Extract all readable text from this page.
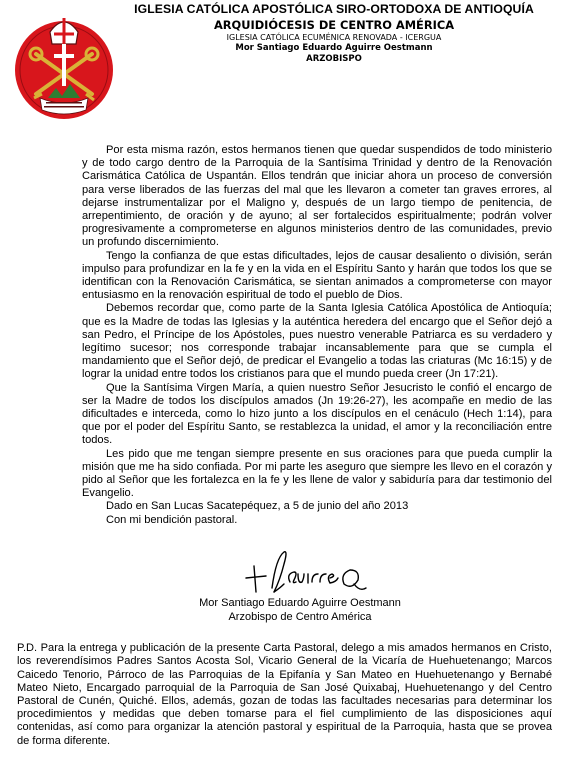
IGLESIA CATÓLICA APOSTÓLICA SIRO-ORTODOXA DE ANTIOQUÍA
ARQUIDIÓCESIS DE CENTRO AMÉRICA
IGLESIA CATÓLICA ECUMÉNICA RENOVADA - ICERGUA
Mor Santiago Eduardo Aguirre Oestmann
ARZOBISPO

Por esta misma razón, estos hermanos tienen que quedar suspendidos de todo ministerio y de todo cargo dentro de la Parroquia de la Santísima Trinidad y dentro de la Renovación Carismática Católica de Uspantán. Ellos tendrán que iniciar ahora un proceso de conversión para verse liberados de las fuerzas del mal que les llevaron a cometer tan graves errores, al dejarse instrumentalizar por el Maligno y, después de un largo tiempo de penitencia, de arrepentimiento, de oración y de ayuno; al ser fortalecidos espiritualmente; podrán volver progresivamente a comprometerse en algunos ministerios dentro de las comunidades, previo un profundo discernimiento.

Tengo la confianza de que estas dificultades, lejos de causar desaliento o división, serán impulso para profundizar en la fe y en la vida en el Espíritu Santo y harán que todos los que se identifican con la Renovación Carismática, se sientan animados a comprometerse con mayor entusiasmo en la renovación espiritual de todo el pueblo de Dios.

Debemos recordar que, como parte de la Santa Iglesia Católica Apostólica de Antioquía; que es la Madre de todas las Iglesias y la auténtica heredera del encargo que el Señor dejó a san Pedro, el Príncipe de los Apóstoles, pues nuestro venerable Patriarca es su verdadero y legítimo sucesor; nos corresponde trabajar incansablemente para que se cumpla el mandamiento que el Señor dejó, de predicar el Evangelio a todas las criaturas (Mc 16:15) y de lograr la unidad entre todos los cristianos para que el mundo pueda creer (Jn 17:21).

Que la Santísima Virgen María, a quien nuestro Señor Jesucristo le confió el encargo de ser la Madre de todos los discípulos amados (Jn 19:26-27), les acompañe en medio de las dificultades e interceda, como lo hizo junto a los discípulos en el cenáculo (Hech 1:14), para que por el poder del Espíritu Santo, se restablezca la unidad, el amor y la reconciliación entre todos.

Les pido que me tengan siempre presente en sus oraciones para que pueda cumplir la misión que me ha sido confiada. Por mi parte les aseguro que siempre les llevo en el corazón y pido al Señor que les fortalezca en la fe y les llene de valor y sabiduría para dar testimonio del Evangelio.

Dado en San Lucas Sacatepéquez, a 5 de junio del año 2013

Con mi bendición pastoral.

Mor Santiago Eduardo Aguirre Oestmann
Arzobispo de Centro América

P.D. Para la entrega y publicación de la presente Carta Pastoral, delego a mis amados hermanos en Cristo, los reverendísimos Padres Santos Acosta Sol, Vicario General de la Vicaría de Huehuetenango; Marcos Caicedo Tenorio, Párroco de las Parroquias de la Epifanía y San Mateo en Huehuetenango y Bernabé Mateo Nieto, Encargado parroquial de la Parroquia de San José Quixabaj, Huehuetenango y del Centro Pastoral de Cunén, Quiché. Ellos, además, gozan de todas las facultades necesarias para determinar los procedimientos y medidas que deben tomarse para el fiel cumplimiento de las disposiciones aquí contenidas, así como para organizar la atención pastoral y espiritual de la Parroquia, hasta que se provea de forma diferente.
